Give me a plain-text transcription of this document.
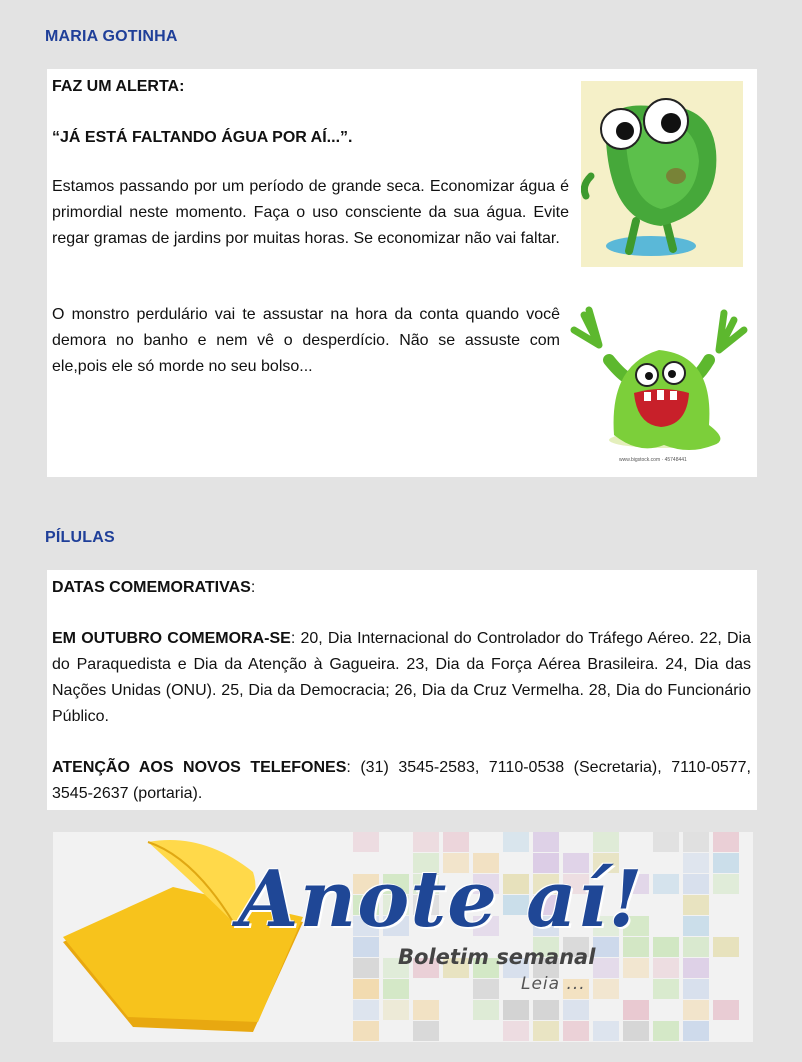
MARIA GOTINHA

FAZ UM ALERTA:

“JÁ ESTÁ FALTANDO ÁGUA POR AÍ...”.

Estamos passando por um período de grande seca. Economizar água é primordial neste momento. Faça o uso consciente da sua água. Evite regar gramas de jardins por muitas horas. Se economizar não vai faltar.

O monstro perdulário vai te assustar na hora da conta quando você demora no banho e nem vê o desperdício. Não se assuste com ele,pois ele só morde no seu bolso...

www.bigstock.com · 45748441
PÍLULAS

DATAS COMEMORATIVAS:

EM OUTUBRO COMEMORA-SE: 20, Dia Internacional do Controlador do Tráfego Aéreo. 22, Dia do Paraquedista e Dia da Atenção à Gagueira. 23, Dia da Força Aérea Brasileira. 24, Dia das Nações Unidas (ONU). 25, Dia da Democracia; 26, Dia da Cruz Vermelha. 28, Dia do Funcionário Público.

ATENÇÃO AOS NOVOS TELEFONES: (31) 3545-2583, 7110-0538 (Secretaria), 7110-0577, 3545-2637 (portaria).

Anote aí!
Boletim semanal
Leia ...
